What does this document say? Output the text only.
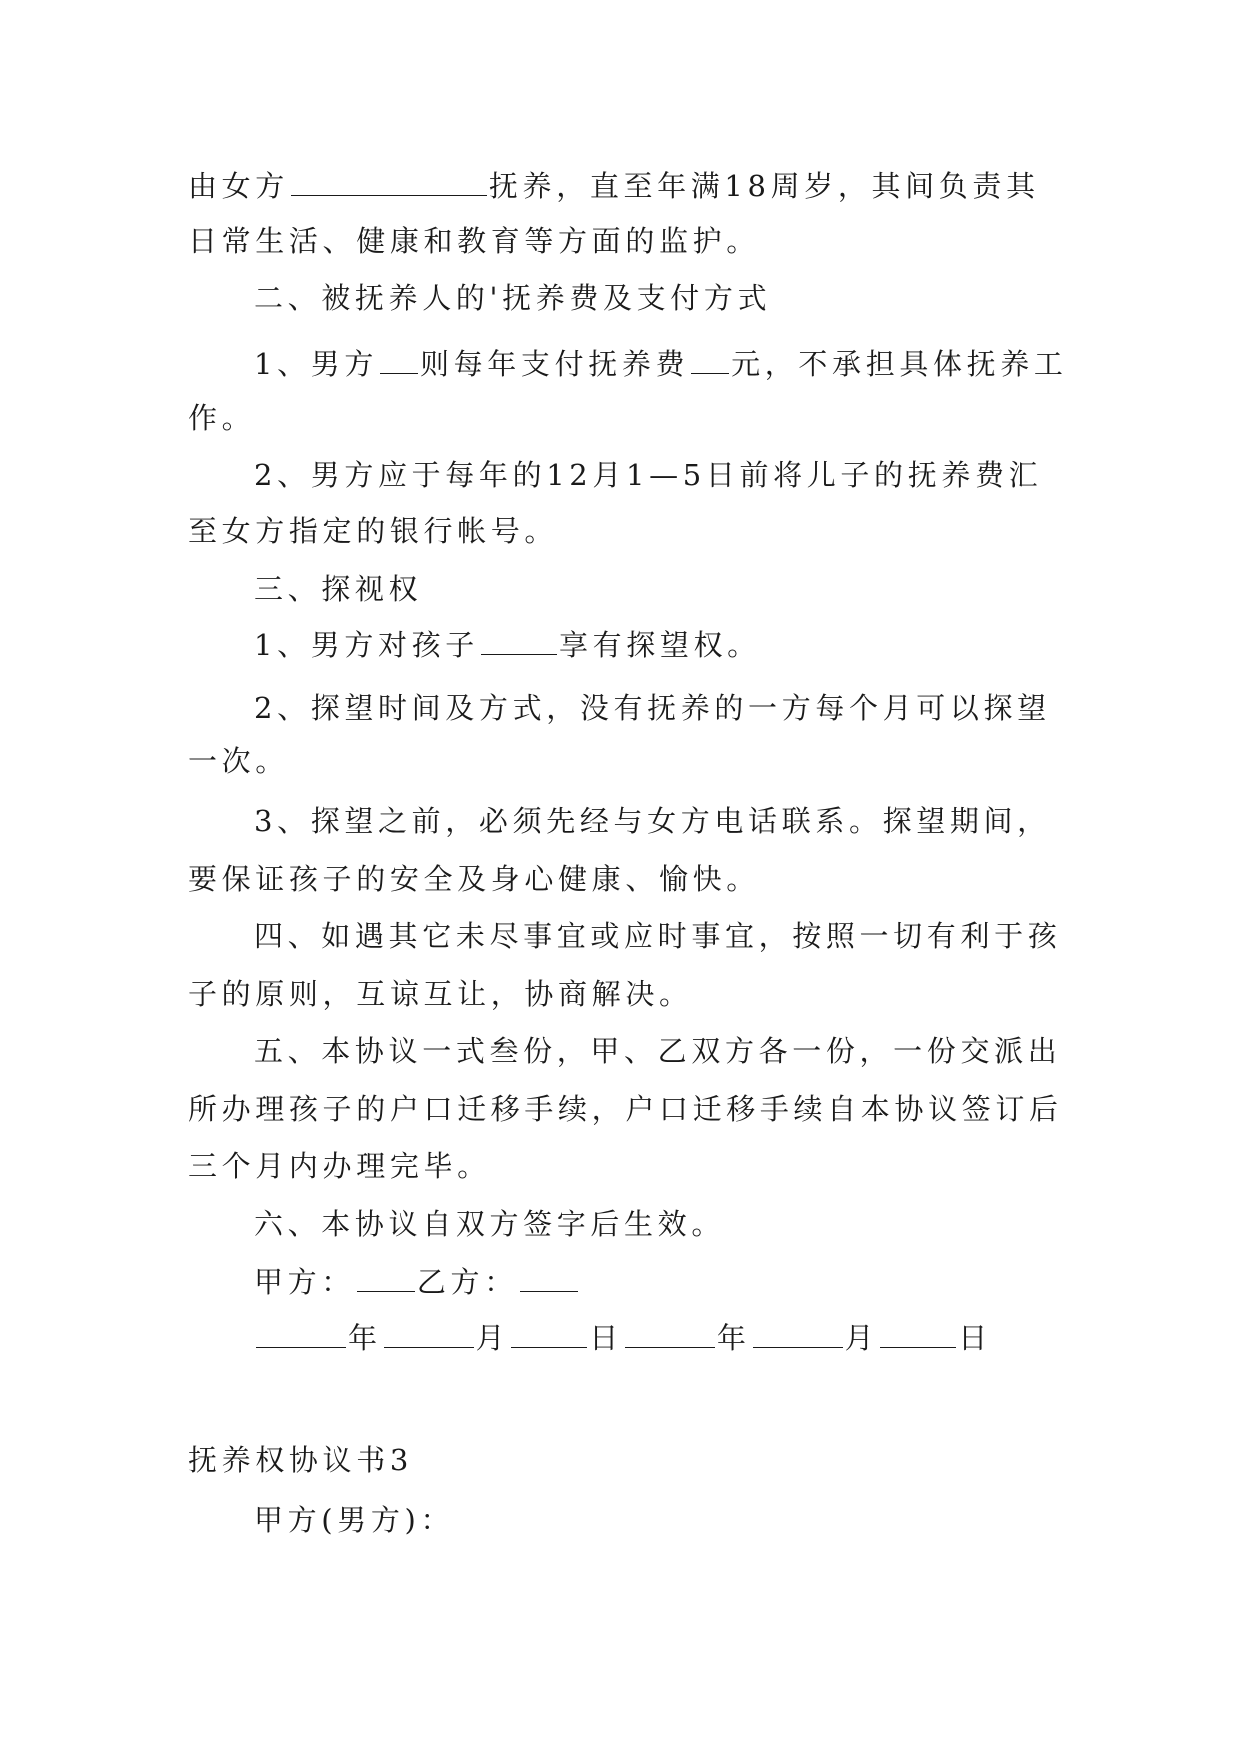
由女方	抚养，直至年满18周岁，其间负责其
日常生活、健康和教育等方面的监护。
二、被抚养人的'抚养费及支付方式
1、男方 则每年支付抚养费 元，不承担具体抚养工
作。
2、男方应于每年的12月1—5日前将儿子的抚养费汇
至女方指定的银行帐号。
三、探视权
1、男方对孩子	享有探望权。
2、探望时间及方式，没有抚养的一方每个月可以探望
一次。
3、探望之前，必须先经与女方电话联系。探望期间，
要保证孩子的安全及身心健康、愉快。
四、如遇其它未尽事宜或应时事宜，按照一切有利于孩
子的原则，互谅互让，协商解决。
五、本协议一式叁份，甲、乙双方各一份，一份交派出
所办理孩子的户口迁移手续，户口迁移手续自本协议签订后
三个月内办理完毕。
六、本协议自双方签字后生效。
甲方： 乙方：
年	月	日	年	月	日
抚养权协议书3
甲方(男方)：
